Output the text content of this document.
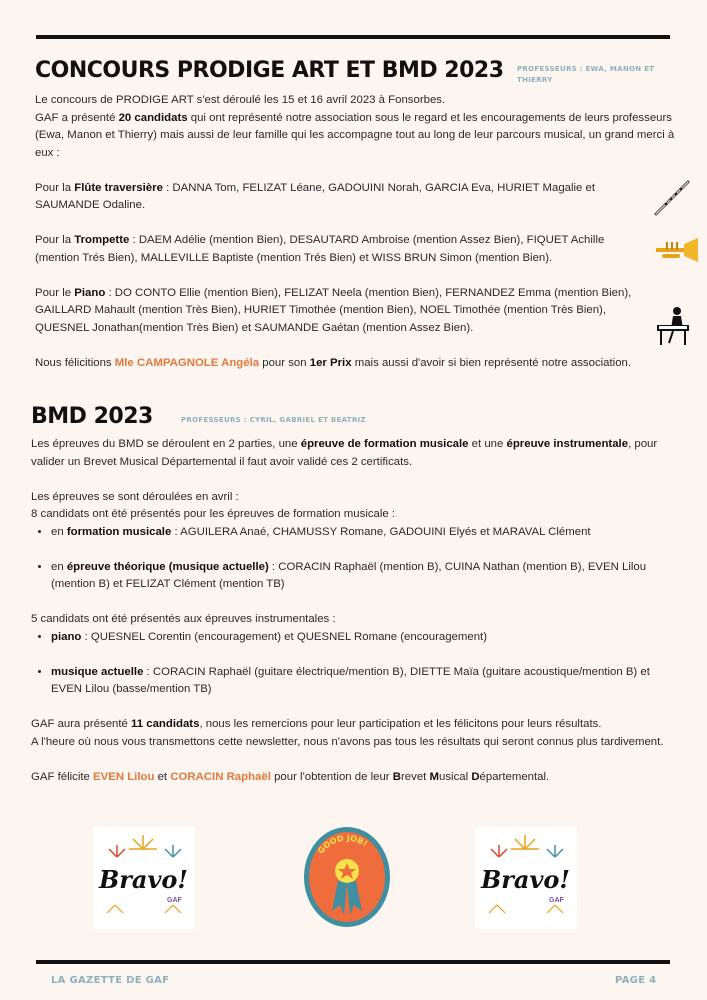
CONCOURS PRODIGE ART ET BMD 2023 PROFESSEURS : EWA, MANON ET THIERRY

Le concours de PRODIGE ART s'est déroulé les 15 et 16 avril 2023 à Fonsorbes.

GAF a présenté 20 candidats qui ont représenté notre association sous le regard et les encouragements de leurs professeurs (Ewa, Manon et Thierry) mais aussi de leur famille qui les accompagne tout au long de leur parcours musical, un grand merci à eux :

Pour la Flûte traversière : DANNA Tom, FELIZAT Léane, GADOUINI Norah, GARCIA Eva, HURIET Magalie et SAUMANDE Odaline.

Pour la Trompette : DAEM Adélie (mention Bien), DESAUTARD Ambroise (mention Assez Bien), FIQUET Achille (mention Trés Bien), MALLEVILLE Baptiste (mention Trés Bien) et WISS BRUN Simon (mention Bien).

Pour le Piano : DO CONTO Ellie (mention Bien), FELIZAT Neela (mention Bien), FERNANDEZ Emma (mention Bien), GAILLARD Mahault (mention Très Bien), HURIET Timothée (mention Bien), NOEL Timothée (mention Très Bien), QUESNEL Jonathan(mention Très Bien) et SAUMANDE Gaétan (mention Assez Bien).

Nous félicitions Mle CAMPAGNOLE Angéla pour son 1er Prix mais aussi d'avoir si bien représenté notre association.

BMD 2023	PROFESSEURS : CYRIL, GABRIEL ET BEATRIZ

Les épreuves du BMD se déroulent en 2 parties, une épreuve de formation musicale et une épreuve instrumentale, pour valider un Brevet Musical Départemental il faut avoir validé ces 2 certificats.

Les épreuves se sont déroulées en avril :

8 candidats ont été présentés pour les épreuves de formation musicale :

• en formation musicale : AGUILERA Anaé, CHAMUSSY Romane, GADOUINI Elyés et MARAVAL Clément
• en épreuve théorique (musique actuelle) : CORACIN Raphaël (mention B), CUINA Nathan (mention B), EVEN Lilou (mention B) et FELIZAT Clément (mention TB)

5 candidats ont été présentés aux épreuves instrumentales :

• piano : QUESNEL Corentin (encouragement) et QUESNEL Romane (encouragement)
• musique actuelle : CORACIN Raphaël (guitare électrique/mention B), DIETTE Maïa (guitare acoustique/mention B) et EVEN Lilou (basse/mention TB)

GAF aura présenté 11 candidats, nous les remercions pour leur participation et les félicitons pour leurs résultats.

A l'heure où nous vous transmettons cette newsletter, nous n'avons pas tous les résultats qui seront connus plus tardivement.

GAF félicite EVEN Lilou et CORACIN Raphaël pour l'obtention de leur Brevet Musical Départemental.

Bravo!
GAF
GOOD JOB!
Bravo!
GAF
LA GAZETTE DE GAF	PAGE 4
